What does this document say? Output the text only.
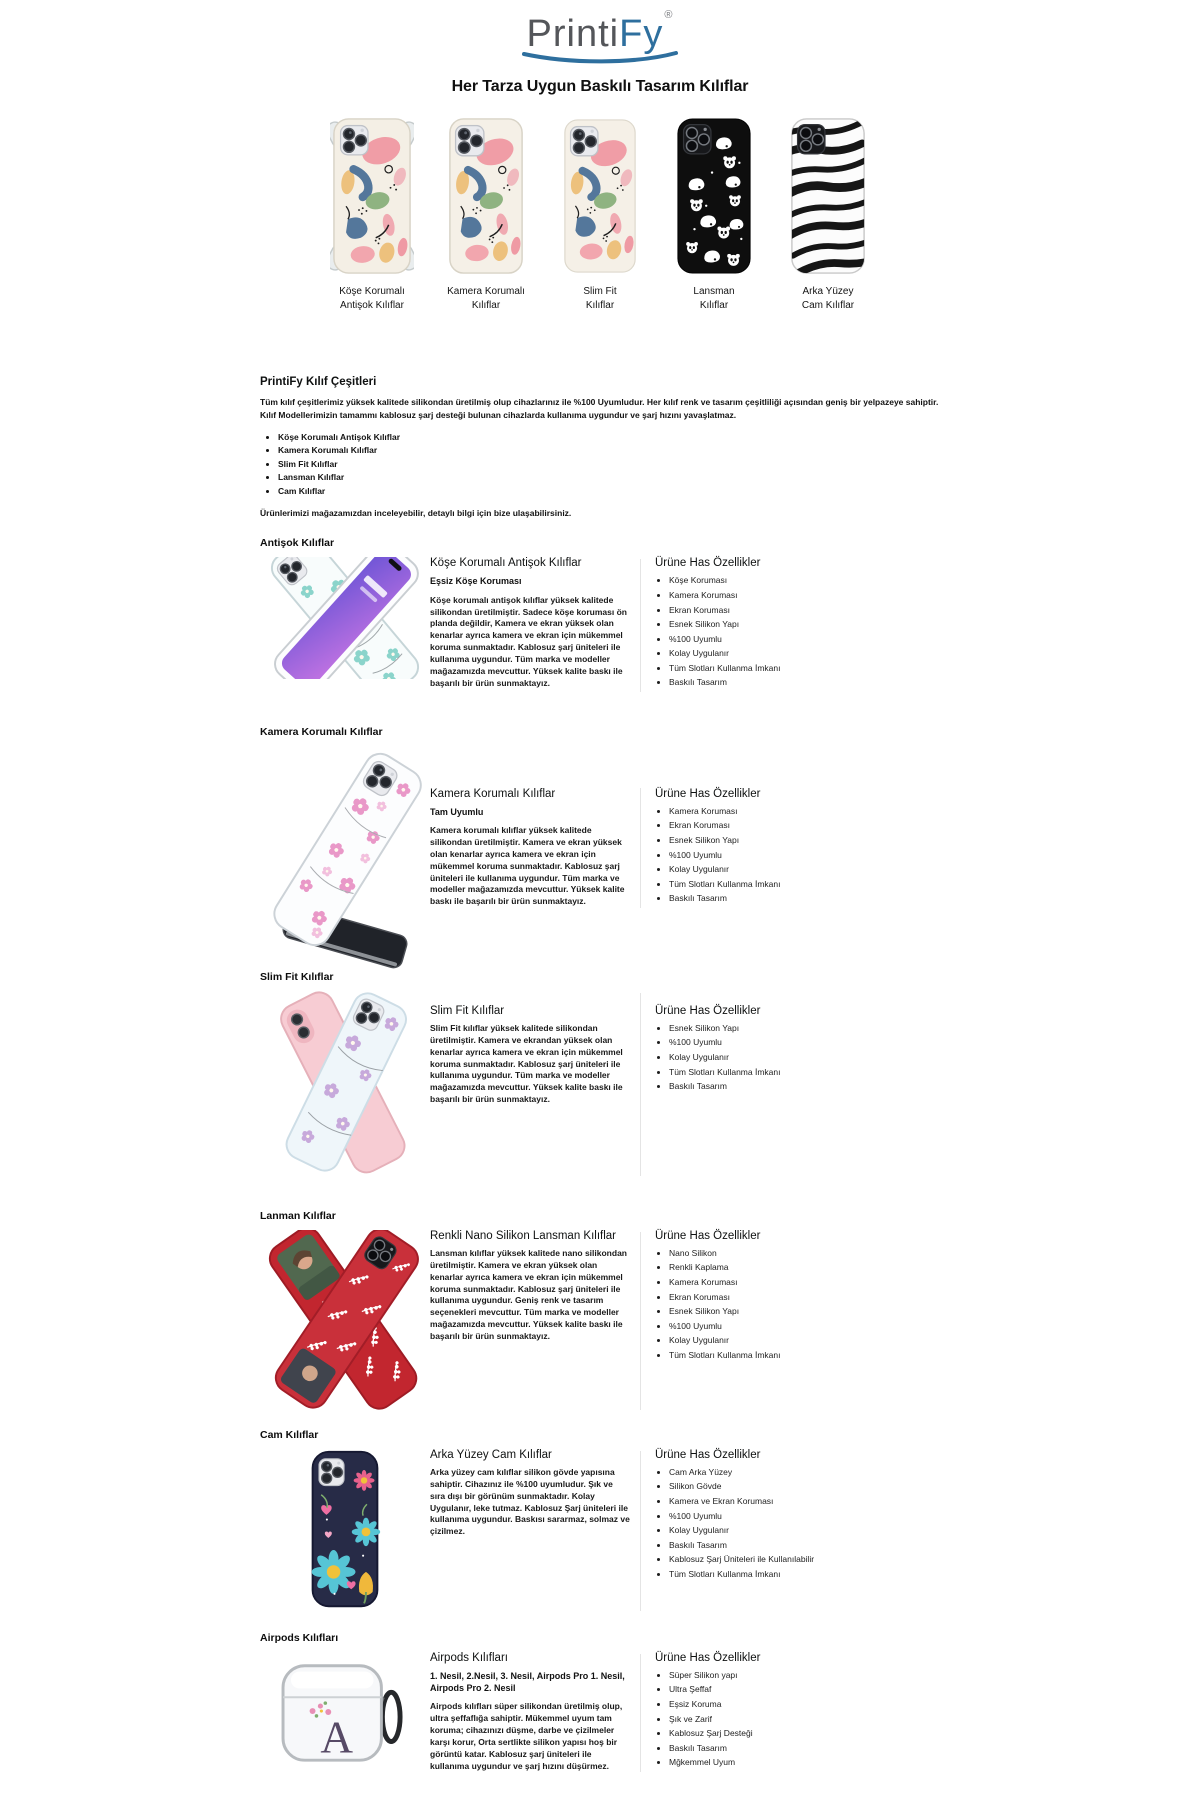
PrintiFy®
Her Tarza Uygun Baskılı Tasarım Kılıflar
Köşe Korumalı
Antişok Kılıflar
Kamera Korumalı
Kılıflar
Slim Fit
Kılıflar
Lansman
Kılıflar
Arka Yüzey
Cam Kılıflar
PrintiFy Kılıf Çeşitleri

Tüm kılıf çeşitlerimiz yüksek kalitede silikondan üretilmiş olup cihazlarınız ile %100 Uyumludur. Her kılıf renk ve tasarım çeşitliliği açısından geniş bir yelpazeye sahiptir. Kılıf Modellerimizin tamammı kablosuz şarj desteği bulunan cihazlarda kullanıma uygundur ve şarj hızını yavaşlatmaz.

• Köşe Korumalı Antişok Kılıflar
• Kamera Korumalı Kılıflar
• Slim Fit Kılıflar
• Lansman Kılıflar
• Cam Kılıflar

Ürünlerimizi mağazamızdan inceleyebilir, detaylı bilgi için bize ulaşabilirsiniz.

Antişok Kılıflar
Köşe Korumalı Antişok Kılıflar

Eşsiz Köşe Koruması

Köşe korumalı antişok kılıflar yüksek kalitede silikondan üretilmiştir. Sadece köşe koruması ön planda değildir, Kamera ve ekran yüksek olan kenarlar ayrıca kamera ve ekran için mükemmel koruma sunmaktadır. Kablosuz şarj üniteleri ile kullanıma uygundur. Tüm marka ve modeller mağazamızda mevcuttur. Yüksek kalite baskı ile başarılı bir ürün sunmaktayız.

Ürüne Has Özellikler
• Köşe Koruması
• Kamera Koruması
• Ekran Koruması
• Esnek Silikon Yapı
• %100 Uyumlu
• Kolay Uygulanır
• Tüm Slotları Kullanma İmkanı
• Baskılı Tasarım
Kamera Korumalı Kılıflar
Kamera Korumalı Kılıflar

Tam Uyumlu

Kamera korumalı kılıflar yüksek kalitede silikondan üretilmiştir. Kamera ve ekran yüksek olan kenarlar ayrıca kamera ve ekran için mükemmel koruma sunmaktadır. Kablosuz şarj üniteleri ile kullanıma uygundur. Tüm marka ve modeller mağazamızda mevcuttur. Yüksek kalite baskı ile başarılı bir ürün sunmaktayız.

Ürüne Has Özellikler
• Kamera Koruması
• Ekran Koruması
• Esnek Silikon Yapı
• %100 Uyumlu
• Kolay Uygulanır
• Tüm Slotları Kullanma İmkanı
• Baskılı Tasarım
Slim Fit Kılıflar
Slim Fit Kılıflar

Slim Fit kılıflar yüksek kalitede silikondan üretilmiştir. Kamera ve ekrandan yüksek olan kenarlar ayrıca kamera ve ekran için mükemmel koruma sunmaktadır. Kablosuz şarj üniteleri ile kullanıma uygundur. Tüm marka ve modeller mağazamızda mevcuttur. Yüksek kalite baskı ile başarılı bir ürün sunmaktayız.

Ürüne Has Özellikler
• Esnek Silikon Yapı
• %100 Uyumlu
• Kolay Uygulanır
• Tüm Slotları Kullanma İmkanı
• Baskılı Tasarım
Lanman Kılıflar
Renkli Nano Silikon Lansman Kılıflar

Lansman kılıflar yüksek kalitede nano silikondan üretilmiştir. Kamera ve ekran yüksek olan kenarlar ayrıca kamera ve ekran için mükemmel koruma sunmaktadır. Kablosuz şarj üniteleri ile kullanıma uygundur. Geniş renk ve tasarım seçenekleri mevcuttur. Tüm marka ve modeller mağazamızda mevcuttur. Yüksek kalite baskı ile başarılı bir ürün sunmaktayız.

Ürüne Has Özellikler
• Nano Silikon
• Renkli Kaplama
• Kamera Koruması
• Ekran Koruması
• Esnek Silikon Yapı
• %100 Uyumlu
• Kolay Uygulanır
• Tüm Slotları Kullanma İmkanı
Cam Kılıflar
Arka Yüzey Cam Kılıflar

Arka yüzey cam kılıflar silikon gövde yapısına sahiptir. Cihazınız ile %100 uyumludur. Şık ve sıra dışı bir görünüm sunmaktadır. Kolay Uygulanır, leke tutmaz. Kablosuz Şarj üniteleri ile kullanıma uygundur. Baskısı sararmaz, solmaz ve çizilmez.

Ürüne Has Özellikler
• Cam Arka Yüzey
• Silikon Gövde
• Kamera ve Ekran Koruması
• %100 Uyumlu
• Kolay Uygulanır
• Baskılı Tasarım
• Kablosuz Şarj Üniteleri ile Kullanılabilir
• Tüm Slotları Kullanma İmkanı
Airpods Kılıfları
A
Airpods Kılıfları

1. Nesil, 2.Nesil, 3. Nesil, Airpods Pro 1. Nesil, Airpods Pro 2. Nesil

Airpods kılıfları süper silikondan üretilmiş olup, ultra şeffaflığa sahiptir. Mükemmel uyum tam koruma; cihazınızı düşme, darbe ve çizilmeler karşı korur, Orta sertlikte silikon yapısı hoş bir görüntü katar. Kablosuz şarj üniteleri ile kullanıma uygundur ve şarj hızını düşürmez.

Ürüne Has Özellikler
• Süper Silikon yapı
• Ultra Şeffaf
• Eşsiz Koruma
• Şık ve Zarif
• Kablosuz Şarj Desteği
• Baskılı Tasarım
• Mğkemmel Uyum
